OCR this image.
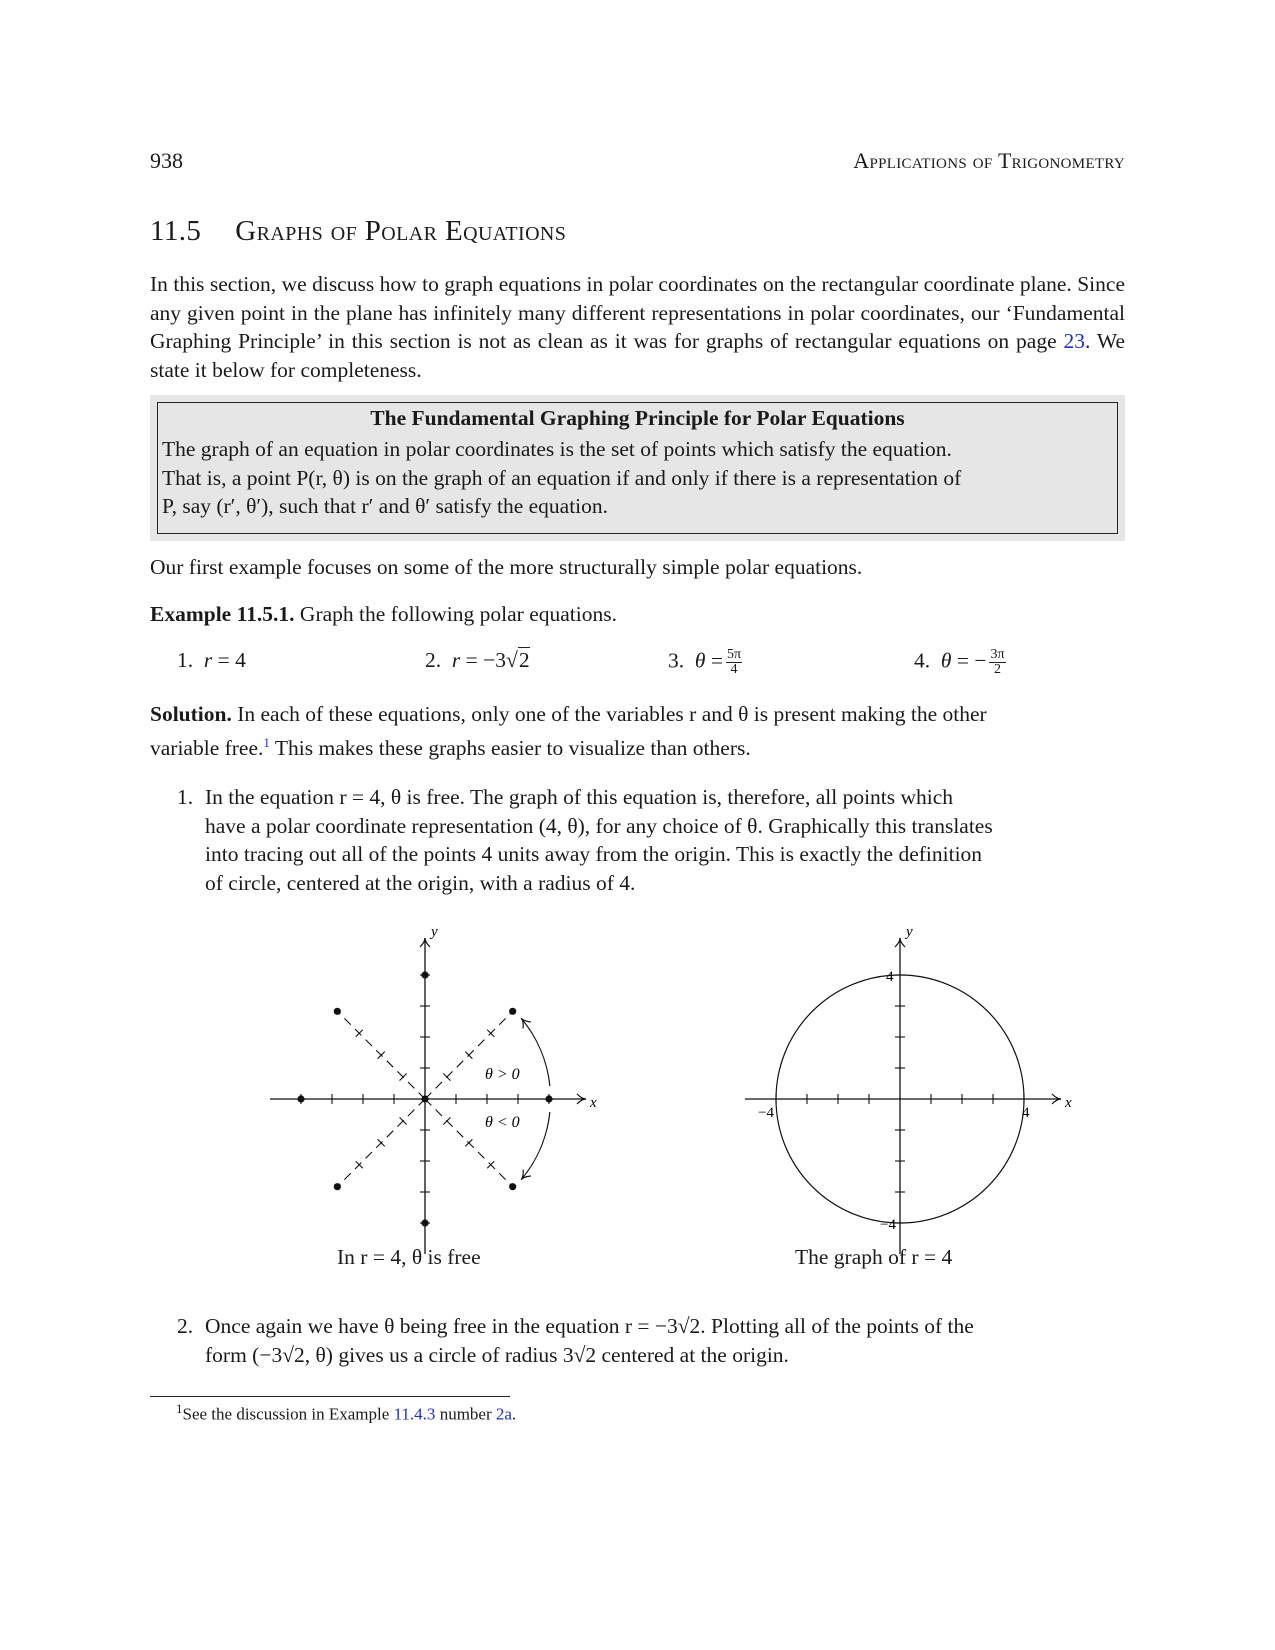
938	Applications of Trigonometry
11.5 Graphs of Polar Equations
In this section, we discuss how to graph equations in polar coordinates on the rectangular coordinate plane. Since any given point in the plane has infinitely many different representations in polar coordinates, our ‘Fundamental Graphing Principle’ in this section is not as clean as it was for graphs of rectangular equations on page 23. We state it below for completeness.
The Fundamental Graphing Principle for Polar Equations
The graph of an equation in polar coordinates is the set of points which satisfy the equation.
That is, a point P(r, θ) is on the graph of an equation if and only if there is a representation of
P, say (r′, θ′), such that r′ and θ′ satisfy the equation.
Our first example focuses on some of the more structurally simple polar equations.
Example 11.5.1. Graph the following polar equations.
1. r = 4	2. r = −3√2	3. $\theta = \frac{5\pi}{4}$	4. θ = − $\frac{3\pi}{2}$
Solution. In each of these equations, only one of the variables r and θ is present making the other
variable free.$^1$ This makes these graphs easier to visualize than others.
1. In the equation r = 4, θ is free. The graph of this equation is, therefore, all points which
have a polar coordinate representation (4, θ), for any choice of θ. Graphically this translates
into tracing out all of the points 4 units away from the origin. This is exactly the definition
of circle, centered at the origin, with a radius of 4.
y
x
θ > 0
θ < 0
y
x
−4	4
4
−4
In r = 4, θ is free	The graph of r = 4
2. Once again we have θ being free in the equation r = −3√2. Plotting all of the points of the
form (−3√2, θ) gives us a circle of radius 3√2 centered at the origin.
$^1$See the discussion in Example 11.4.3 number 2a.
